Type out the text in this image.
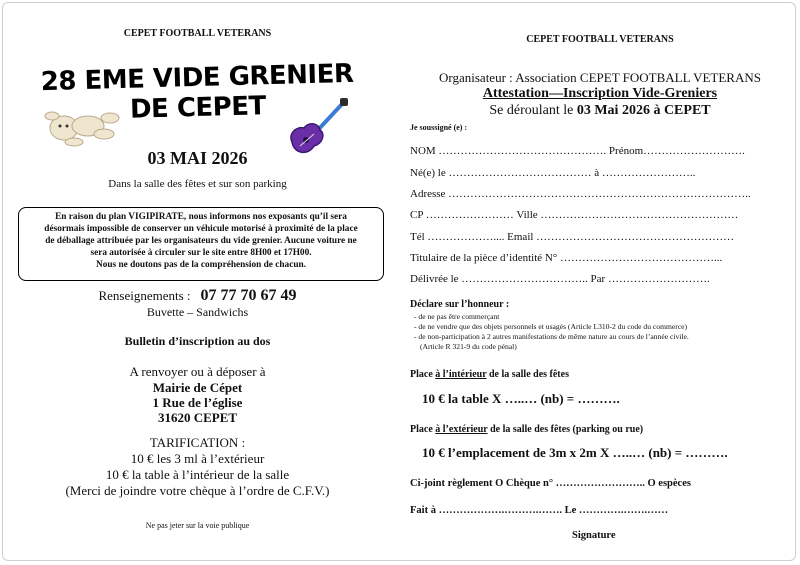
CEPET FOOTBALL VETERANS
28 EME VIDE GRENIER
DE CEPET
03 MAI 2026
Dans la salle des fêtes et sur son parking
En raison du plan VIGIPIRATE, nous informons nos exposants qu’il sera
désormais impossible de conserver un véhicule motorisé à proximité de la place
de déballage attribuée par les organisateurs du vide grenier. Aucune voiture ne
sera autorisée à circuler sur le site entre 8H00 et 17H00.
Nous ne doutons pas de la compréhension de chacun.
Renseignements : 07 77 70 67 49
Buvette – Sandwichs
Bulletin d’inscription au dos
A renvoyer ou à déposer à
Mairie de Cépet
1 Rue de l’église
31620 CEPET
TARIFICATION :
10 € les 3 ml à l’extérieur
10 € la table à l’intérieur de la salle
(Merci de joindre votre chèque à l’ordre de C.F.V.)
Ne pas jeter sur la voie publique
CEPET FOOTBALL VETERANS
Organisateur : Association CEPET FOOTBALL VETERANS
Attestation—Inscription Vide-Greniers
Se déroulant le 03 Mai 2026 à CEPET
Je soussigné (e) :
NOM ………………………………………. Prénom……………………….
Né(e) le ………………………………… à ……………………..
Adresse ………………………………………………………………………..
CP …………………… Ville ………………………………………………
Tél ……………….... Email ………………………………………………
Titulaire de la pièce d’identité N° ……………………………………...
Délivrée le …………………………….. Par ……………………….
Déclare sur l’honneur :
- de ne pas être commerçant
- de ne vendre que des objets personnels et usagés (Article L310-2 du code du commerce)
- de non-participation à 2 autres manifestations de même nature au cours de l’année civile.
(Article R 321-9 du code pénal)
Place à l’intérieur de la salle des fêtes
10 € la table X …..… (nb) = ……….
Place à l’extérieur de la salle des fêtes (parking ou rue)
10 € l’emplacement de 3m x 2m X …..… (nb) = ……….
Ci-joint règlement O Chèque n° …………………….. O espèces
Fait à ……………….……….……. Le ………….…….……
Signature
